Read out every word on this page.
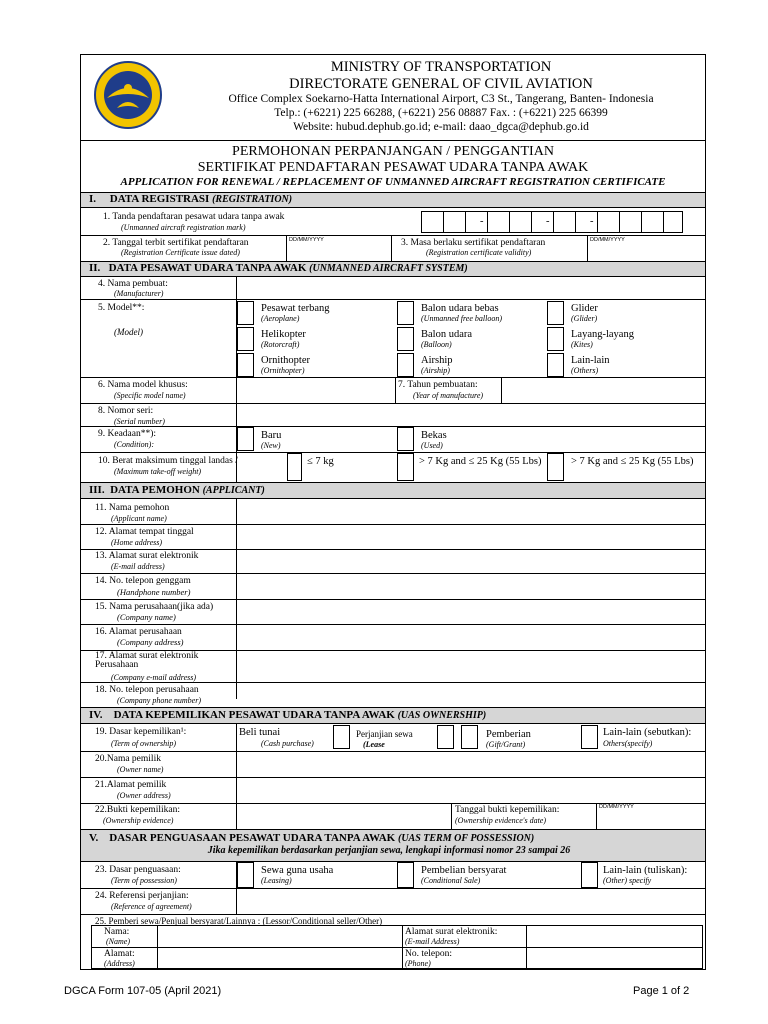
MINISTRY OF TRANSPORTATION
DIRECTORATE GENERAL OF CIVIL AVIATION
Office Complex Soekarno-Hatta International Airport, C3 St., Tangerang, Banten- Indonesia
Telp.: (+6221) 225 66288, (+6221) 256 08887 Fax. : (+6221) 225 66399
Website: hubud.dephub.go.id; e-mail: daao_dgca@dephub.go.id
PERMOHONAN PERPANJANGAN / PENGGANTIAN
SERTIFIKAT PENDAFTARAN PESAWAT UDARA TANPA AWAK
APPLICATION FOR RENEWAL / REPLACEMENT OF UNMANNED AIRCRAFT REGISTRATION CERTIFICATE
I. DATA REGISTRASI (REGISTRATION)
1. Tanda pendaftaran pesawat udara tanpa awak
(Unmanned aircraft registration mark)
-	-	-
2. Tanggal terbit sertifikat pendaftaran
(Registration Certificate issue dated)
DD/MM/YYYY	3. Masa berlaku sertifikat pendaftaran
(Registration certificate validity)
DD/MM/YYYY
II. DATA PESAWAT UDARA TANPA AWAK (UNMANNED AIRCRAFT SYSTEM)
4. Nama pembuat:
(Manufacturer)
5. Model**:
(Model)
Pesawat terbang
(Aeroplane)
Balon udara bebas
(Unmanned free balloon)
Glider
(Glider)
Helikopter
(Rotorcraft)
Balon udara
(Balloon)
Layang-layang
(Kites)
Ornithopter
(Ornithopter)
Airship
(Airship)
Lain-lain
(Others)
6. Nama model khusus:
(Specific model name)
7. Tahun pembuatan:
(Year of manufacture)
8. Nomor seri:
(Serial number)
9. Keadaan**):
(Condition):
Baru
(New)
Bekas
(Used)
10. Berat maksimum tinggal landas /
(Maximum take-off weight)
≤ 7 kg	> 7 Kg and ≤ 25 Kg (55 Lbs)	> 7 Kg and ≤ 25 Kg (55 Lbs)
III. DATA PEMOHON (APPLICANT)
11. Nama pemohon
(Applicant name)
12. Alamat tempat tinggal
(Home address)
13. Alamat surat elektronik
(E-mail address)
14. No. telepon genggam
(Handphone number)
15. Nama perusahaan(jika ada)
(Company name)
16. Alamat perusahaan
(Company address)
17. Alamat surat elektronik Perusahaan
(Company e-mail address)
18. No. telepon perusahaan
(Company phone number)
IV. DATA KEPEMILIKAN PESAWAT UDARA TANPA AWAK (UAS OWNERSHIP)
19. Dasar kepemilikan¹:
(Term of ownership)
Beli tunai
(Cash purchase)
Perjanjian sewa
(Lease
Pemberian
(Gift/Grant)
Lain-lain (sebutkan):
Others(specify)
20.Nama pemilik
(Owner name)
21.Alamat pemilik
(Owner address)
22.Bukti kepemilikan:
(Ownership evidence)
Tanggal bukti kepemilikan:
(Ownership evidence's date)
DD/MM/YYYY
V. DASAR PENGUASAAN PESAWAT UDARA TANPA AWAK (UAS TERM OF POSSESSION)
Jika kepemilikan berdasarkan perjanjian sewa, lengkapi informasi nomor 23 sampai 26
23. Dasar penguasaan:
(Term of possession)
Sewa guna usaha
(Leasing)
Pembelian bersyarat
(Conditional Sale)
Lain-lain (tuliskan):
(Other) specify
24. Referensi perjanjian:
(Reference of agreement)
25. Pemberi sewa/Penjual bersyarat/Lainnya : (Lessor/Conditional seller/Other)
Nama:
(Name)
Alamat:
(Address)
Alamat surat elektronik:
(E-mail Address)
No. telepon:
(Phone)
DGCA Form 107-05 (April 2021)	Page 1 of 2
